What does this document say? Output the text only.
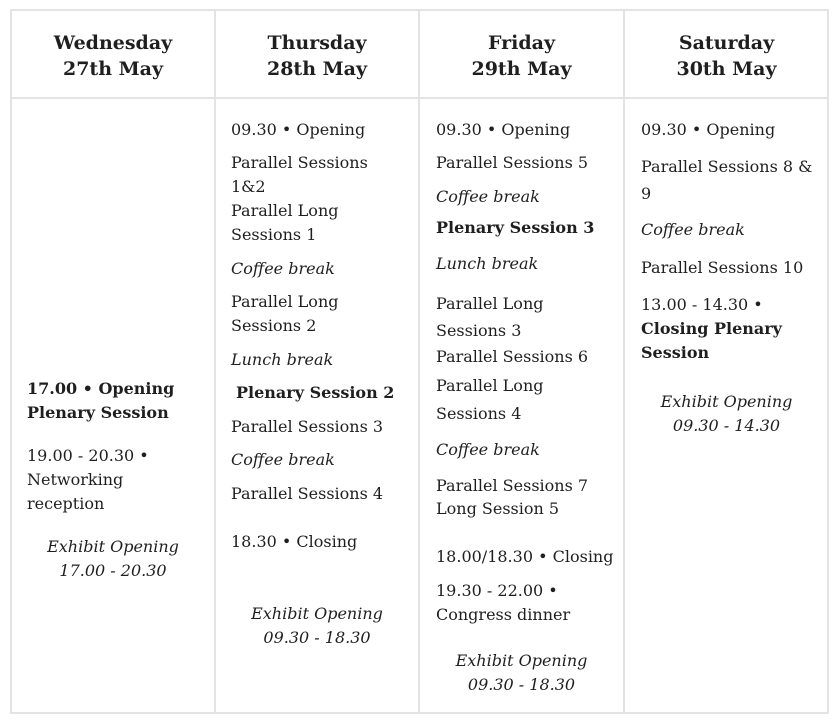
Wednesday
27th May
Thursday
28th May
Friday
29th May
Saturday
30th May
17.00 • Opening
Plenary Session
19.00 - 20.30 •
Networking
reception
Exhibit Opening
17.00 - 20.30
09.30 • Opening
Parallel Sessions
1&2
Parallel Long
Sessions 1
Coffee break
Parallel Long
Sessions 2
Lunch break
Plenary Session 2
Parallel Sessions 3
Coffee break
Parallel Sessions 4
18.30 • Closing
Exhibit Opening
09.30 - 18.30
09.30 • Opening
Parallel Sessions 5
Coffee break
Plenary Session 3
Lunch break
Parallel Long
Sessions 3
Parallel Sessions 6
Parallel Long
Sessions 4
Coffee break
Parallel Sessions 7
Long Session 5
18.00/18.30 • Closing
19.30 - 22.00 •
Congress dinner
Exhibit Opening
09.30 - 18.30
09.30 • Opening
Parallel Sessions 8 &
9
Coffee break
Parallel Sessions 10
13.00 - 14.30 •
Closing Plenary
Session
Exhibit Opening
09.30 - 14.30
